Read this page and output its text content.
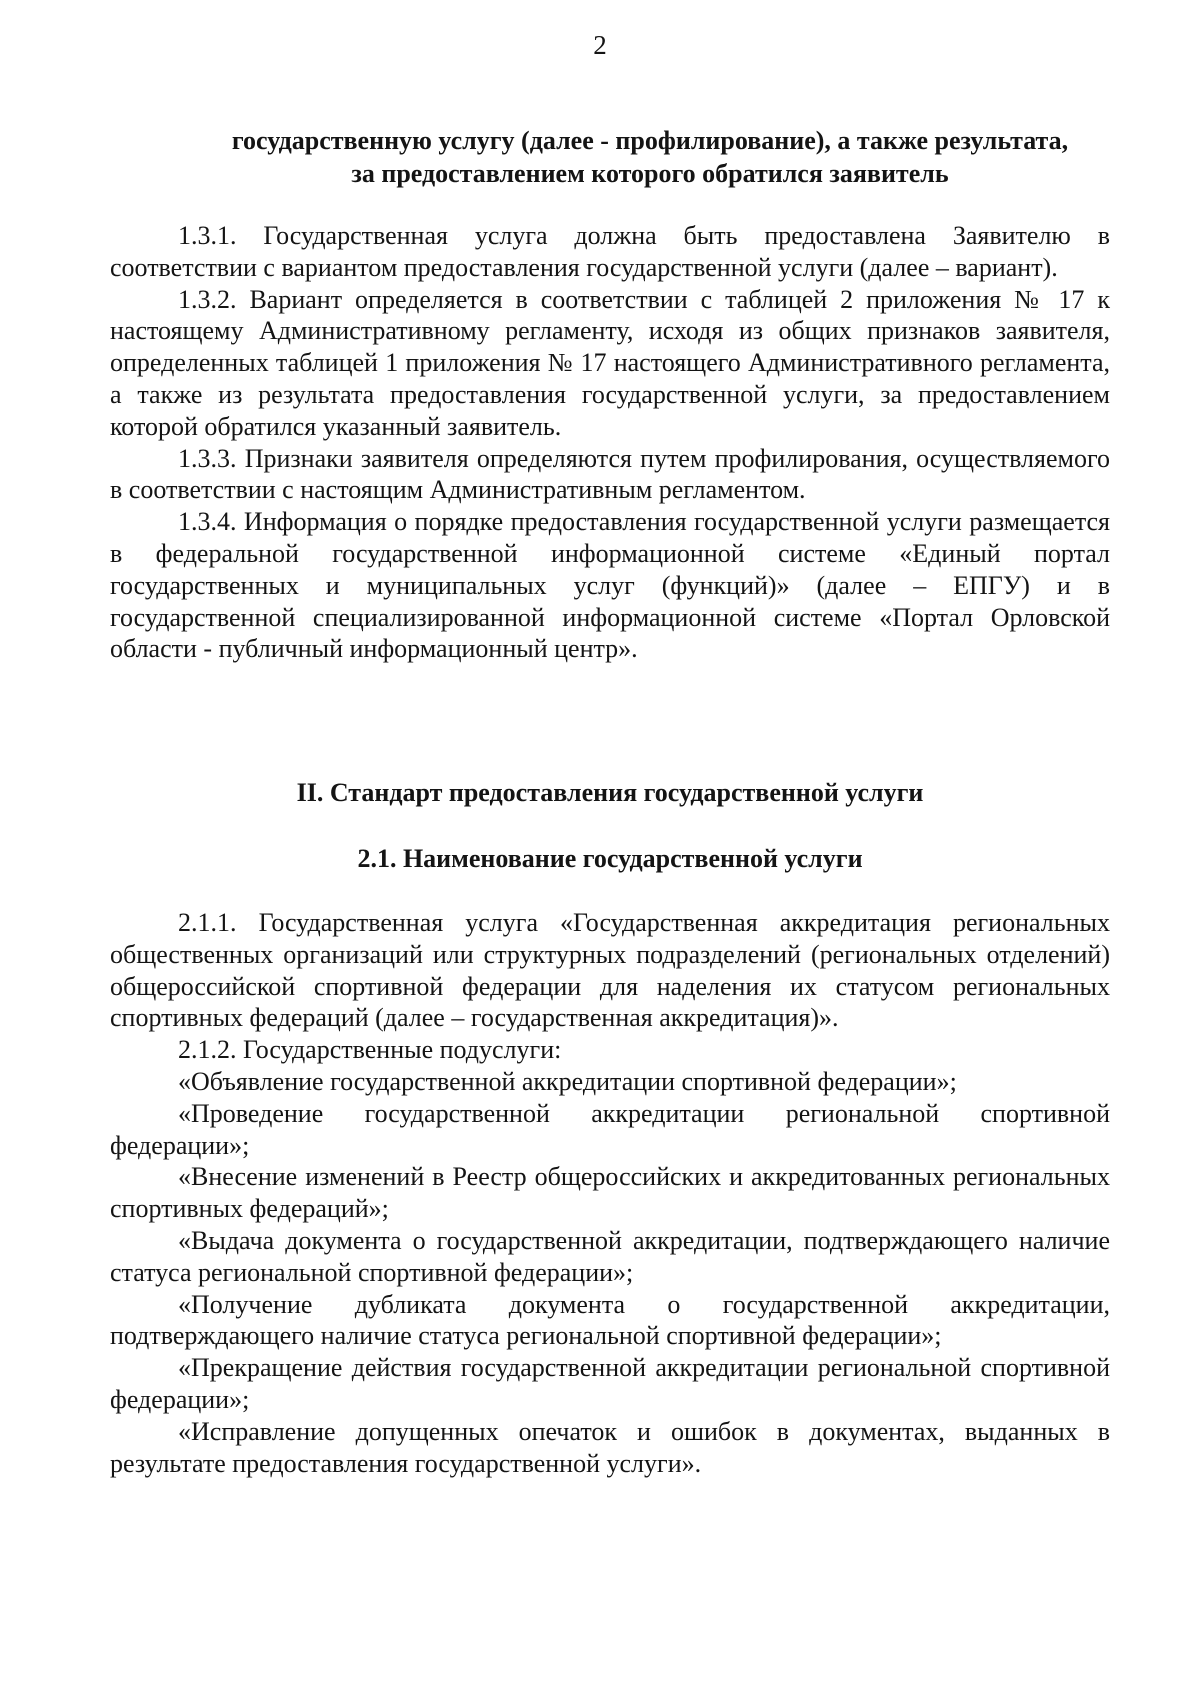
2

государственную услугу (далее - профилирование), а также результата,

за предоставлением которого обратился заявитель

1.3.1. Государственная услуга должна быть предоставлена Заявителю в соответствии с вариантом предоставления государственной услуги (далее – вариант).

1.3.2. Вариант определяется в соответствии с таблицей 2 приложения № 17 к настоящему Административному регламенту, исходя из общих признаков заявителя, определенных таблицей 1 приложения № 17 настоящего Административного регламента, а также из результата предоставления государственной услуги, за предоставлением которой обратился указанный заявитель.

1.3.3. Признаки заявителя определяются путем профилирования, осуществляемого в соответствии с настоящим Административным регламентом.

1.3.4. Информация о порядке предоставления государственной услуги размещается в федеральной государственной информационной системе «Единый портал государственных и муниципальных услуг (функций)» (далее – ЕПГУ) и в государственной специализированной информационной системе «Портал Орловской области - публичный информационный центр».

II. Стандарт предоставления государственной услуги

2.1. Наименование государственной услуги

2.1.1. Государственная услуга «Государственная аккредитация региональных общественных организаций или структурных подразделений (региональных отделений) общероссийской спортивной федерации для наделения их статусом региональных спортивных федераций (далее – государственная аккредитация)».

2.1.2. Государственные подуслуги:

«Объявление государственной аккредитации спортивной федерации»;

«Проведение государственной аккредитации региональной спортивной федерации»;

«Внесение изменений в Реестр общероссийских и аккредитованных региональных спортивных федераций»;

«Выдача документа о государственной аккредитации, подтверждающего наличие статуса региональной спортивной федерации»;

«Получение дубликата документа о государственной аккредитации, подтверждающего наличие статуса региональной спортивной федерации»;

«Прекращение действия государственной аккредитации региональной спортивной федерации»;

«Исправление допущенных опечаток и ошибок в документах, выданных в результате предоставления государственной услуги».
